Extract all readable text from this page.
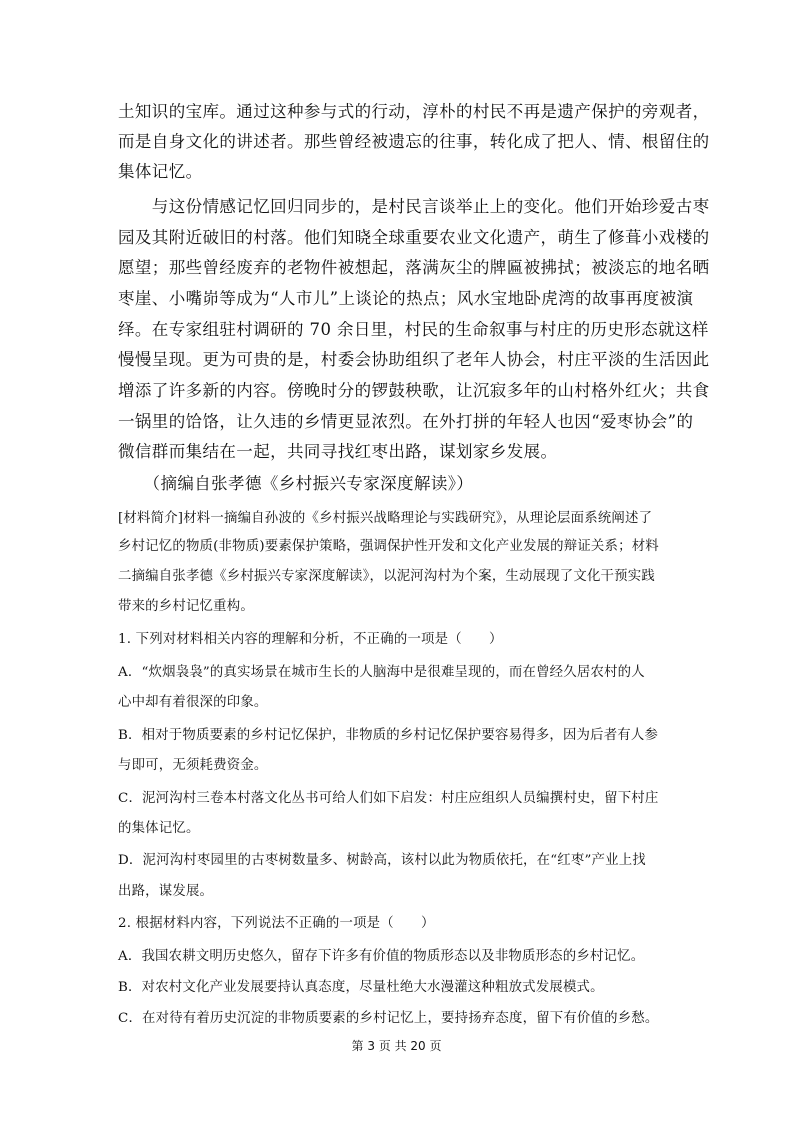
土知识的宝库。通过这种参与式的行动，淳朴的村民不再是遗产保护的旁观者，
而是自身文化的讲述者。那些曾经被遗忘的往事，转化成了把人、情、根留住的
集体记忆。
　　与这份情感记忆回归同步的，是村民言谈举止上的变化。他们开始珍爱古枣
园及其附近破旧的村落。他们知晓全球重要农业文化遗产，萌生了修葺小戏楼的
愿望；那些曾经废弃的老物件被想起，落满灰尘的牌匾被拂拭；被淡忘的地名晒
枣崖、小嘴峁等成为“人市儿”上谈论的热点；风水宝地卧虎湾的故事再度被演
绎。在专家组驻村调研的 70 余日里，村民的生命叙事与村庄的历史形态就这样
慢慢呈现。更为可贵的是，村委会协助组织了老年人协会，村庄平淡的生活因此
增添了许多新的内容。傍晚时分的锣鼓秧歌，让沉寂多年的山村格外红火；共食
一锅里的饸饹，让久违的乡情更显浓烈。在外打拼的年轻人也因“爱枣协会”的
微信群而集结在一起，共同寻找红枣出路，谋划家乡发展。
　　（摘编自张孝德《乡村振兴专家深度解读》）
[材料简介]材料一摘编自孙波的《乡村振兴战略理论与实践研究》，从理论层面系统阐述了
乡村记忆的物质(非物质)要素保护策略，强调保护性开发和文化产业发展的辩证关系；材料
二摘编自张孝德《乡村振兴专家深度解读》，以泥河沟村为个案，生动展现了文化干预实践
带来的乡村记忆重构。
1. 下列对材料相关内容的理解和分析，不正确的一项是（　　）
A．“炊烟袅袅”的真实场景在城市生长的人脑海中是很难呈现的，而在曾经久居农村的人
心中却有着很深的印象。
B．相对于物质要素的乡村记忆保护，非物质的乡村记忆保护要容易得多，因为后者有人参
与即可，无须耗费资金。
C．泥河沟村三卷本村落文化丛书可给人们如下启发：村庄应组织人员编撰村史，留下村庄
的集体记忆。
D．泥河沟村枣园里的古枣树数量多、树龄高，该村以此为物质依托，在“红枣”产业上找
出路，谋发展。
2. 根据材料内容，下列说法不正确的一项是（　　）
A．我国农耕文明历史悠久，留存下许多有价值的物质形态以及非物质形态的乡村记忆。
B．对农村文化产业发展要持认真态度，尽量杜绝大水漫灌这种粗放式发展模式。
C．在对待有着历史沉淀的非物质要素的乡村记忆上，要持扬弃态度，留下有价值的乡愁。
第 3 页 共 20 页
